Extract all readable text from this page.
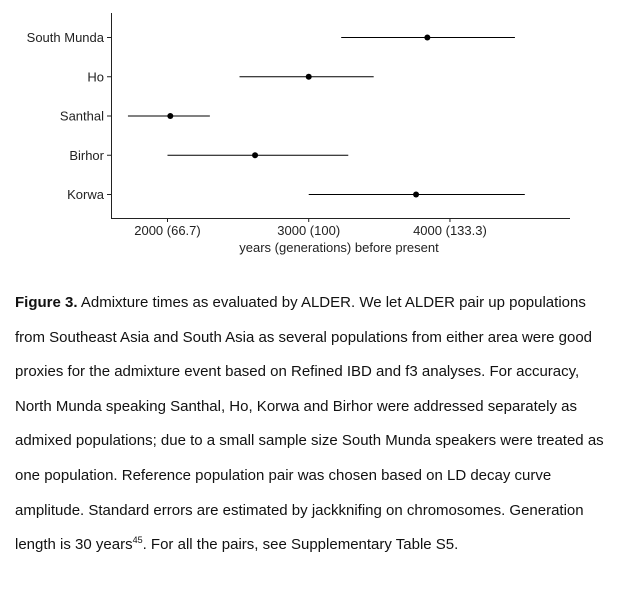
South Munda
Ho
Santhal
Birhor
Korwa
2000 (66.7)	3000 (100)	4000 (133.3)
years (generations) before present
Figure 3. Admixture times as evaluated by ALDER. We let ALDER pair up populations from Southeast Asia and South Asia as several populations from either area were good proxies for the admixture event based on Refined IBD and f3 analyses. For accuracy, North Munda speaking Santhal, Ho, Korwa and Birhor were addressed separately as admixed populations; due to a small sample size South Munda speakers were treated as one population. Reference population pair was chosen based on LD decay curve amplitude. Standard errors are estimated by jackknifing on chromosomes. Generation length is 30 years$^{45}$. For all the pairs, see Supplementary Table S5.
